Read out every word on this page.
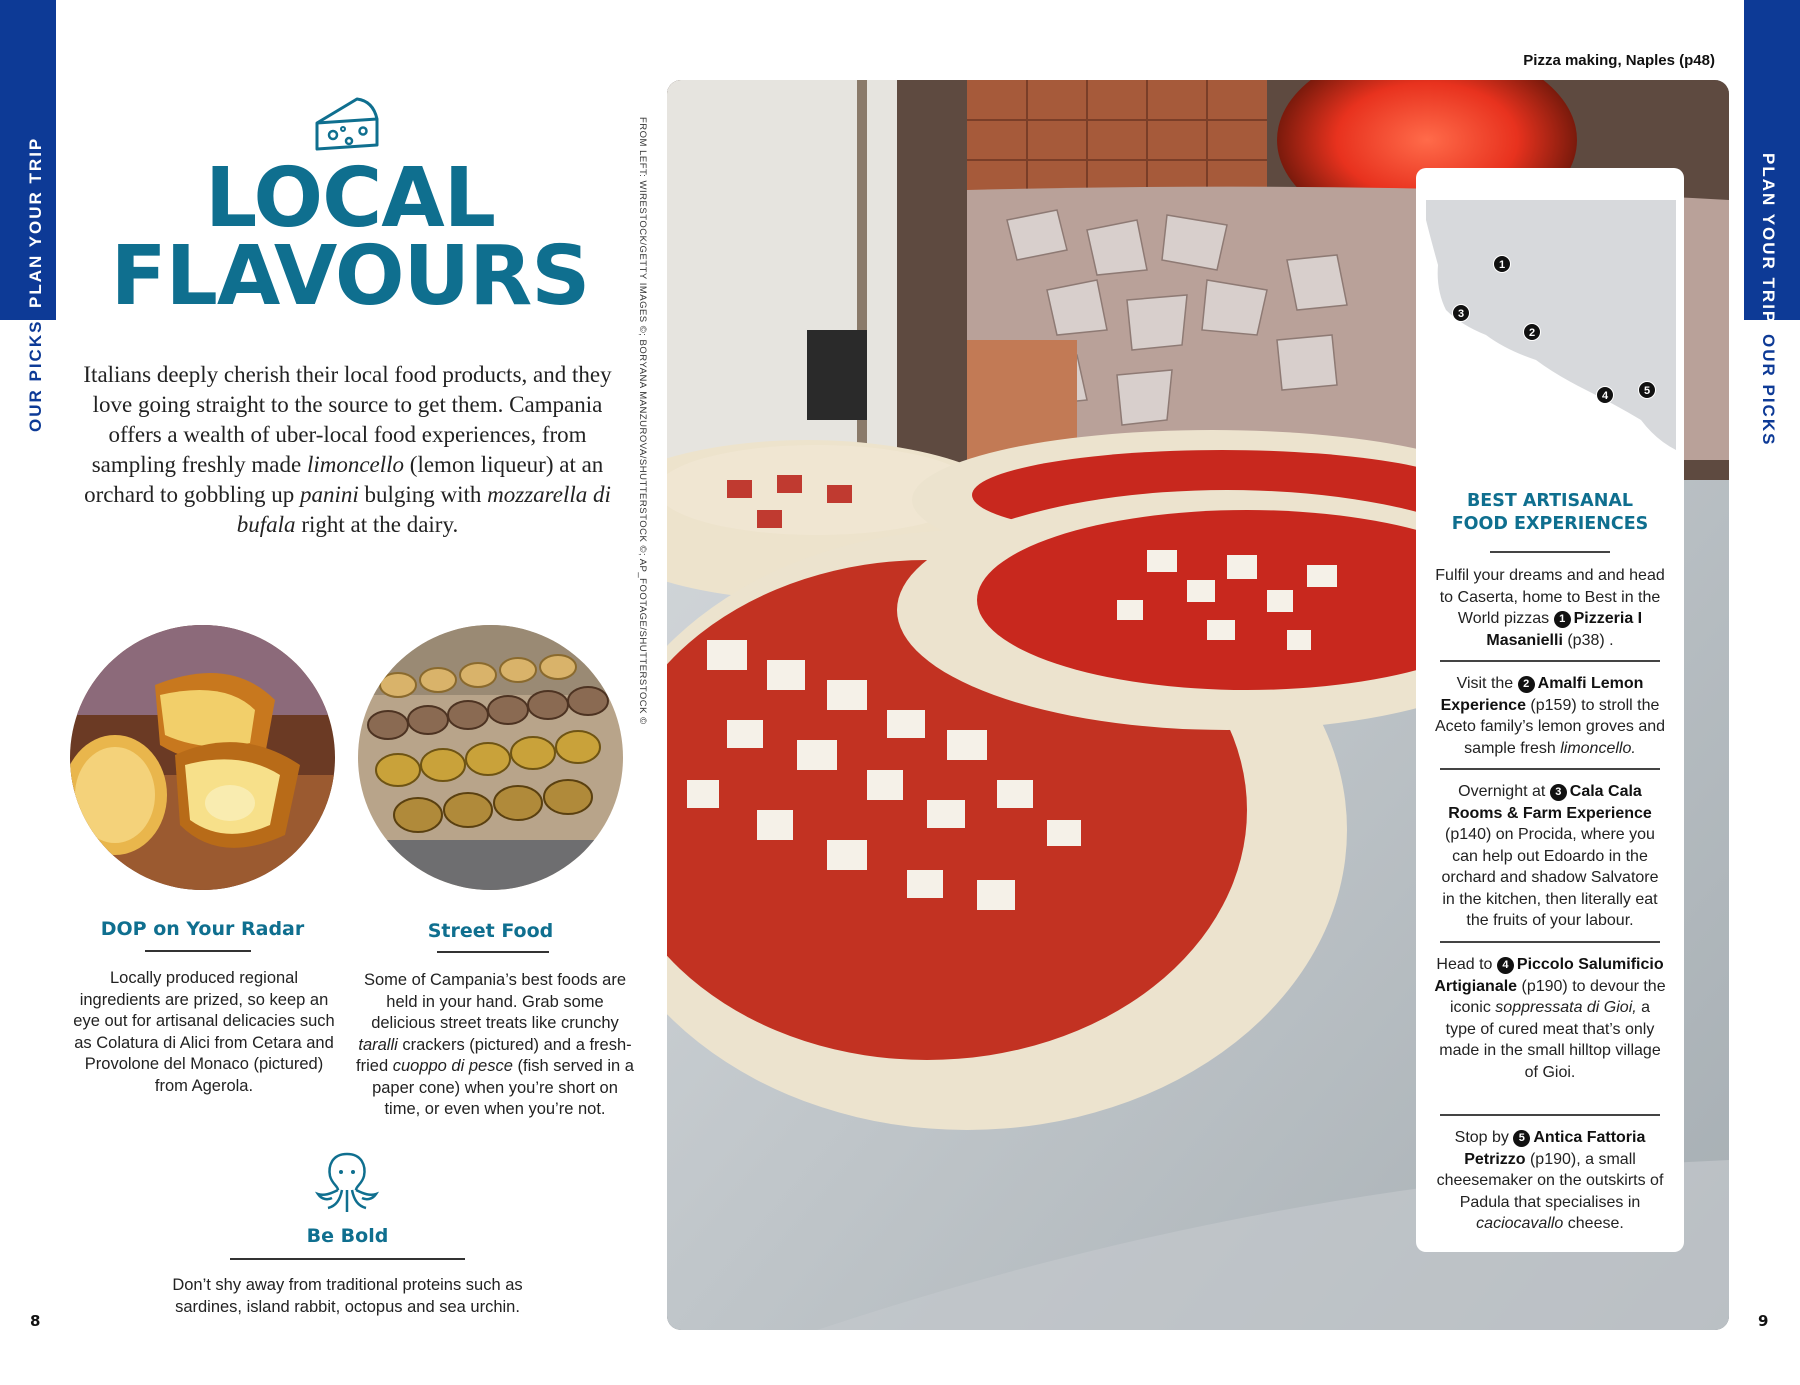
PLAN YOUR TRIP
OUR PICKS
PLAN YOUR TRIP
OUR PICKS
8	9
LOCAL
FLAVOURS

Italians deeply cherish their local food products, and they love going straight to the source to get them. Campania offers a wealth of uber-local food experiences, from sampling freshly made limoncello (lemon liqueur) at an orchard to gobbling up panini bulging with mozzarella di bufala right at the dairy.

DOP on Your Radar

Locally produced regional ingredients are prized, so keep an eye out for artisanal delicacies such as Colatura di Alici from Cetara and Provolone del Monaco (pictured) from Agerola.

Street Food

Some of Campania’s best foods are held in your hand. Grab some delicious street treats like crunchy taralli crackers (pictured) and a fresh-fried cuoppo di pesce (fish served in a paper cone) when you’re short on time, or even when you’re not.

Be Bold

Don’t shy away from traditional proteins such as sardines, island rabbit, octopus and sea urchin.

FROM LEFT: WIRESTOCK/GETTY IMAGES ©; BORYANA MANZUROVA/SHUTTERSTOCK ©; AP_FOOTAGE/SHUTTERSTOCK ©
Pizza making, Naples (p48)
1
2
3
4	5
BEST ARTISANAL
FOOD EXPERIENCES

Fulfil your dreams and and head to Caserta, home to Best in the World pizzas 1 Pizzeria I Masanielli (p38) .

Visit the 2 Amalfi Lemon Experience (p159) to stroll the Aceto family’s lemon groves and sample fresh limoncello.

Overnight at 3 Cala Cala Rooms & Farm Experience (p140) on Procida, where you can help out Edoardo in the orchard and shadow Salvatore in the kitchen, then literally eat the fruits of your labour.

Head to 4 Piccolo Salumificio Artigianale (p190) to devour the iconic soppressata di Gioi, a type of cured meat that’s only made in the small hilltop village of Gioi.

Stop by 5 Antica Fattoria Petrizzo (p190), a small cheesemaker on the outskirts of Padula that specialises in caciocavallo cheese.
